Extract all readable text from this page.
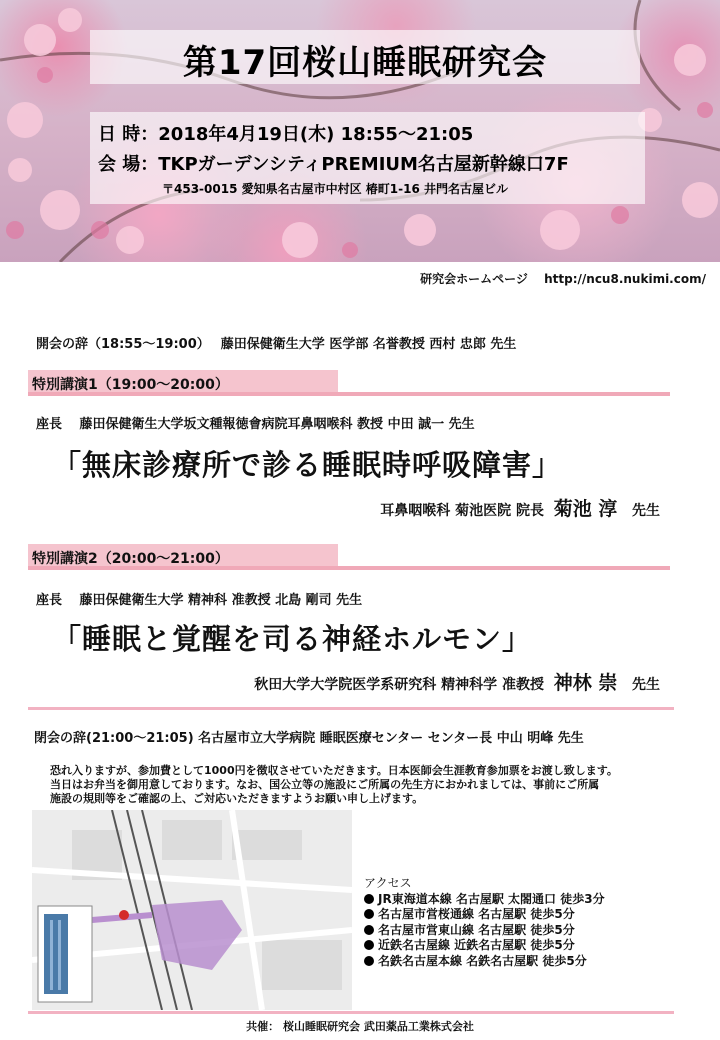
第17回桜山睡眠研究会
日 時：2018年4月19日(木) 18:55～21:05
会 場：TKPガーデンシティPREMIUM名古屋新幹線口7F
〒453-0015 愛知県名古屋市中村区 椿町1-16 井門名古屋ビル
研究会ホームページ　 http://ncu8.nukimi.com/
開会の辞（18:55～19:00）　 藤田保健衛生大学 医学部 名誉教授 西村 忠郎 先生
特別講演1（19:00～20:00）
座長　 藤田保健衛生大学坂文種報徳會病院耳鼻咽喉科 教授 中田 誠一 先生
「無床診療所で診る睡眠時呼吸障害」
耳鼻咽喉科 菊池医院 院長 菊池 淳 先生
特別講演2（20:00～21:00）
座長　 藤田保健衛生大学 精神科 准教授 北島 剛司 先生
「睡眠と覚醒を司る神経ホルモン」
秋田大学大学院医学系研究科 精神科学 准教授 神林 崇 先生
閉会の辞(21:00～21:05) 名古屋市立大学病院 睡眠医療センター センター長 中山 明峰 先生
恐れ入りますが、参加費として1000円を徴収させていただきます。日本医師会生涯教育参加票をお渡し致します。
当日はお弁当を御用意しております。なお、国公立等の施設にご所属の先生方におかれましては、事前にご所属
施設の規則等をご確認の上、ご対応いただきますようお願い申し上げます。
アクセス
JR東海道本線 名古屋駅 太閤通口 徒歩3分
名古屋市営桜通線 名古屋駅 徒歩5分
名古屋市営東山線 名古屋駅 徒歩5分
近鉄名古屋線 近鉄名古屋駅 徒歩5分
名鉄名古屋本線 名鉄名古屋駅 徒歩5分
共催： 桜山睡眠研究会 武田薬品工業株式会社
